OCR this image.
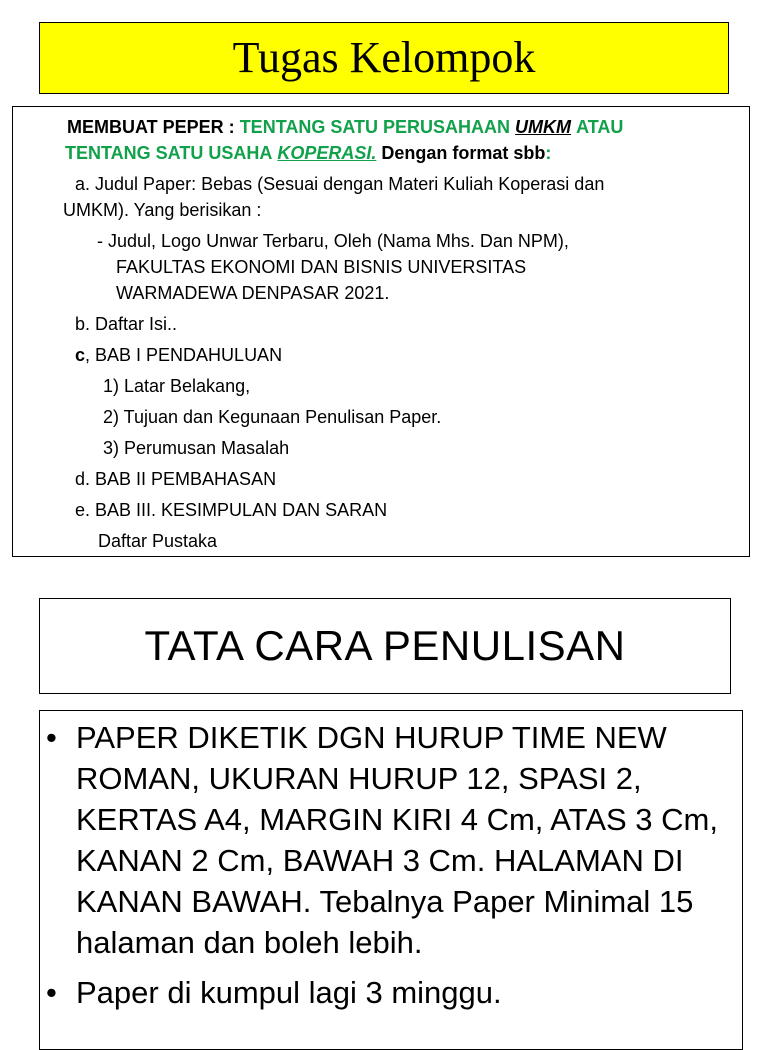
Tugas Kelompok
MEMBUAT PEPER : TENTANG SATU PERUSAHAAN UMKM ATAU
TENTANG SATU USAHA KOPERASI. Dengan format sbb:
a. Judul Paper: Bebas (Sesuai dengan Materi Kuliah Koperasi dan
UMKM). Yang berisikan :
- Judul, Logo Unwar Terbaru, Oleh (Nama Mhs. Dan NPM),
FAKULTAS EKONOMI DAN BISNIS UNIVERSITAS
WARMADEWA DENPASAR 2021.
b. Daftar Isi..
c, BAB I PENDAHULUAN
1) Latar Belakang,
2) Tujuan dan Kegunaan Penulisan Paper.
3) Perumusan Masalah
d. BAB II PEMBAHASAN
e. BAB III. KESIMPULAN DAN SARAN
Daftar Pustaka
TATA CARA PENULISAN
• PAPER DIKETIK DGN HURUP TIME NEW ROMAN, UKURAN HURUP 12, SPASI 2, KERTAS A4, MARGIN KIRI 4 Cm, ATAS 3 Cm, KANAN 2 Cm, BAWAH 3 Cm. HALAMAN DI KANAN BAWAH. Tebalnya Paper Minimal 15 halaman dan boleh lebih.
• Paper di kumpul lagi 3 minggu.
